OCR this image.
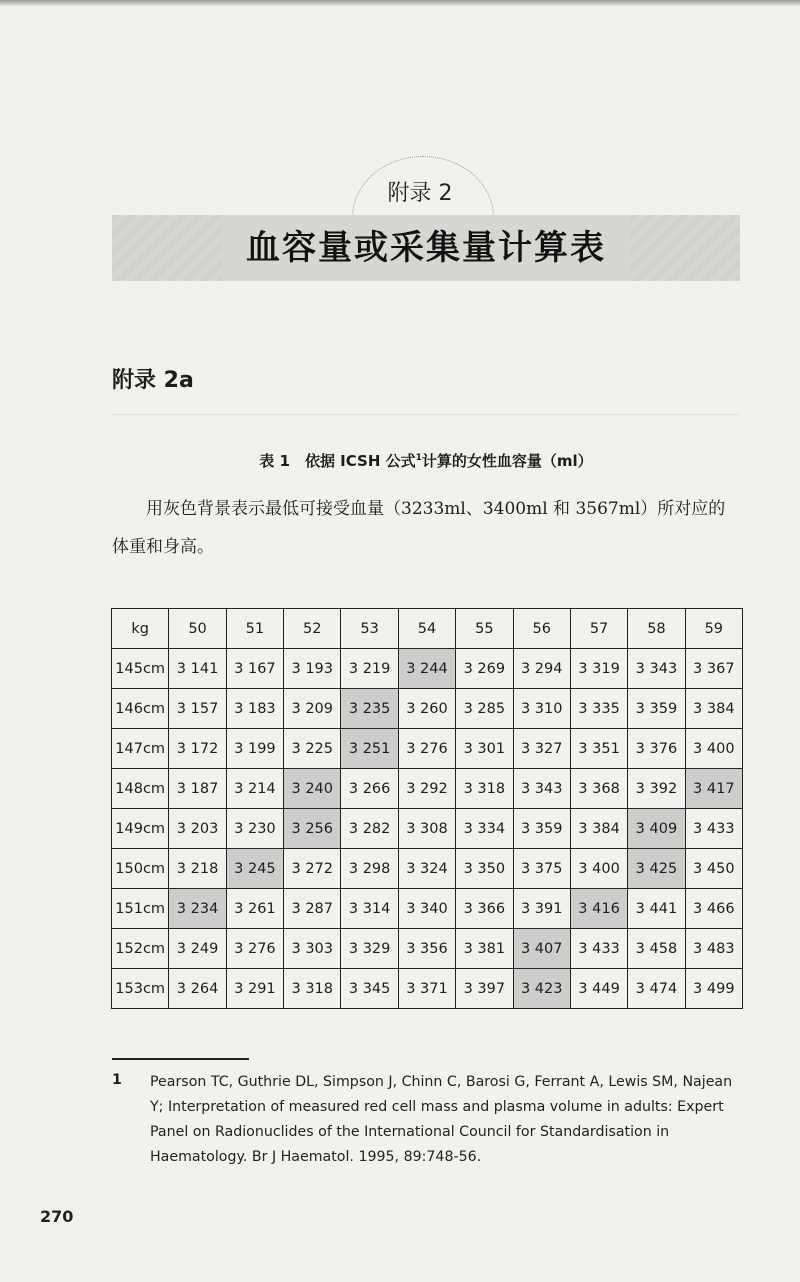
附录 2
血容量或采集量计算表
附录 2a
表 1　依据 ICSH 公式$^1$计算的女性血容量（ml）
用灰色背景表示最低可接受血量（3233ml、3400ml 和 3567ml）所对应的体重和身高。
kg	50	51	52	53	54	55	56	57	58	59
145cm	3 141	3 167	3 193	3 219	3 244	3 269	3 294	3 319	3 343	3 367
146cm	3 157	3 183	3 209	3 235	3 260	3 285	3 310	3 335	3 359	3 384
147cm	3 172	3 199	3 225	3 251	3 276	3 301	3 327	3 351	3 376	3 400
148cm	3 187	3 214	3 240	3 266	3 292	3 318	3 343	3 368	3 392	3 417
149cm	3 203	3 230	3 256	3 282	3 308	3 334	3 359	3 384	3 409	3 433
150cm	3 218	3 245	3 272	3 298	3 324	3 350	3 375	3 400	3 425	3 450
151cm	3 234	3 261	3 287	3 314	3 340	3 366	3 391	3 416	3 441	3 466
152cm	3 249	3 276	3 303	3 329	3 356	3 381	3 407	3 433	3 458	3 483
153cm	3 264	3 291	3 318	3 345	3 371	3 397	3 423	3 449	3 474	3 499
1 Pearson TC, Guthrie DL, Simpson J, Chinn C, Barosi G, Ferrant A, Lewis SM, Najean Y; Interpretation of measured red cell mass and plasma volume in adults: Expert Panel on Radionuclides of the International Council for Standardisation in Haematology. Br J Haematol. 1995, 89:748-56.
270
